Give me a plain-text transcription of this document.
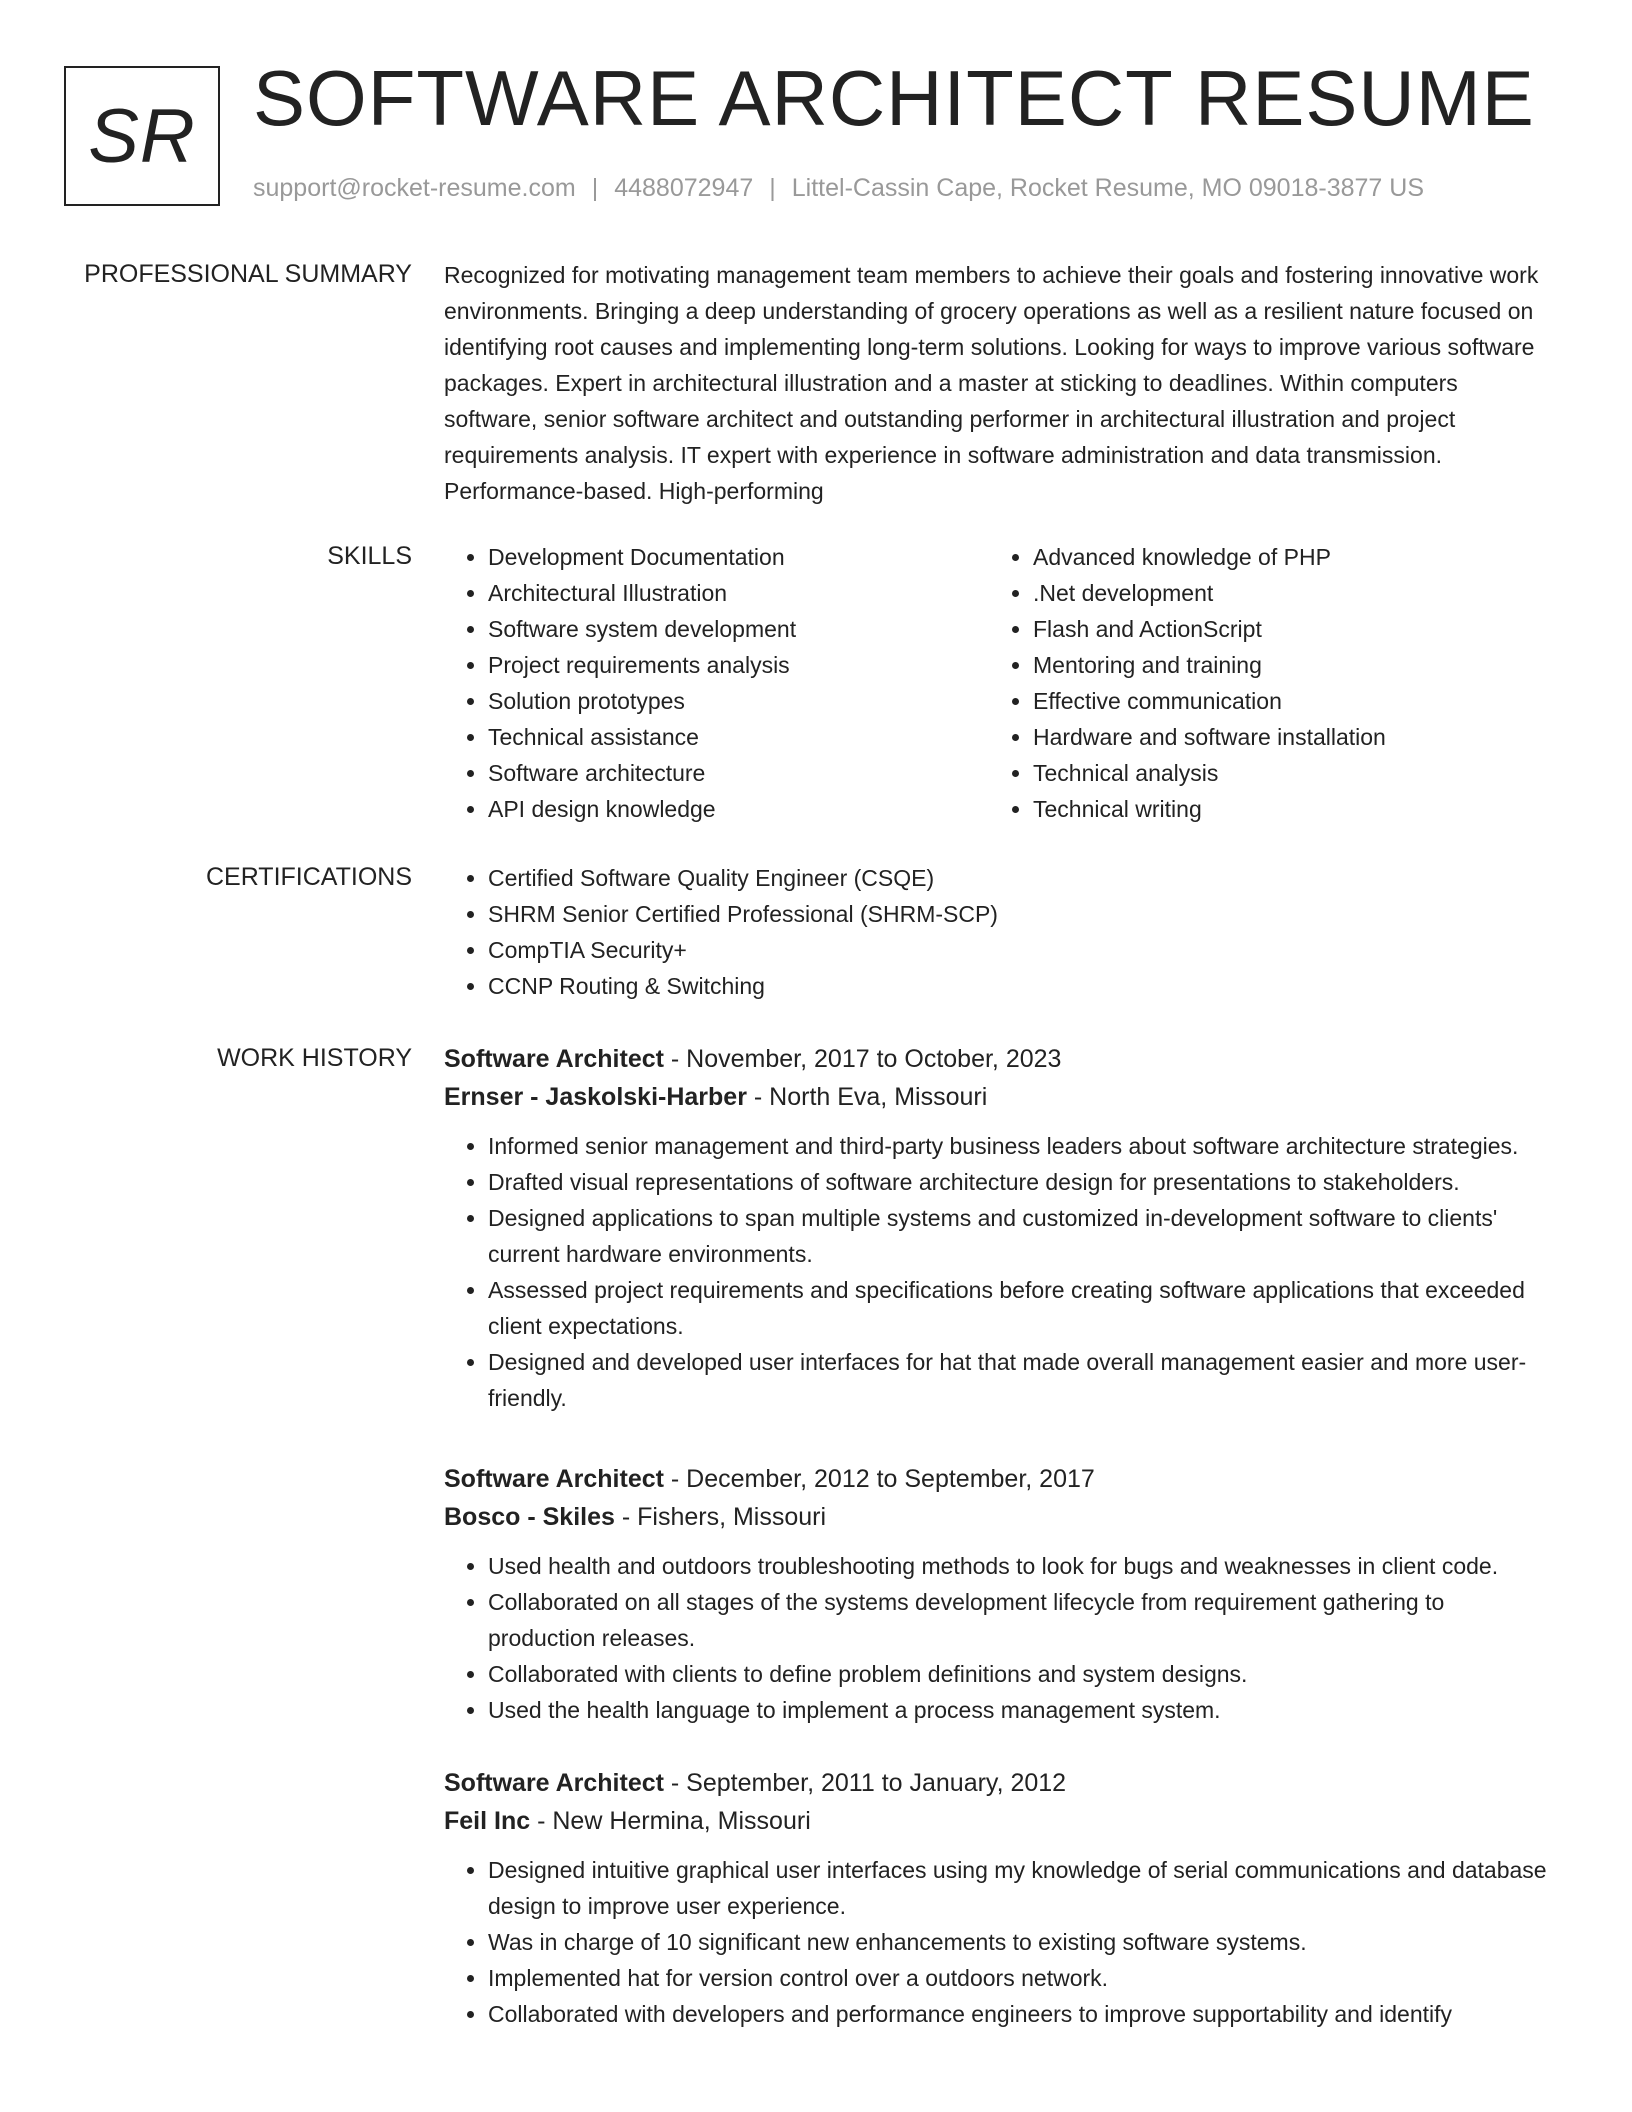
SR SOFTWARE ARCHITECT RESUME
support@rocket-resume.com | 4488072947 | Littel-Cassin Cape, Rocket Resume, MO 09018-3877 US
PROFESSIONAL SUMMARY Recognized for motivating management team members to achieve their goals and fostering innovative work environments. Bringing a deep understanding of grocery operations as well as a resilient nature focused on identifying root causes and implementing long-term solutions. Looking for ways to improve various software packages. Expert in architectural illustration and a master at sticking to deadlines. Within computers software, senior software architect and outstanding performer in architectural illustration and project requirements analysis. IT expert with experience in software administration and data transmission. Performance-based. High-performing

SKILLS	• Development Documentation
• Architectural Illustration
• Software system development
• Project requirements analysis
• Solution prototypes
• Technical assistance
• Software architecture
• API design knowledge
• Advanced knowledge of PHP
• .Net development
• Flash and ActionScript
• Mentoring and training
• Effective communication
• Hardware and software installation
• Technical analysis
• Technical writing
CERTIFICATIONS	• Certified Software Quality Engineer (CSQE)
• SHRM Senior Certified Professional (SHRM-SCP)
• CompTIA Security+
• CCNP Routing & Switching
WORK HISTORY Software Architect - November, 2017 to October, 2023
Ernser - Jaskolski-Harber - North Eva, Missouri
• Informed senior management and third-party business leaders about software architecture strategies.
• Drafted visual representations of software architecture design for presentations to stakeholders.
• Designed applications to span multiple systems and customized in-development software to clients' current hardware environments.
• Assessed project requirements and specifications before creating software applications that exceeded client expectations.
• Designed and developed user interfaces for hat that made overall management easier and more user-friendly.
Software Architect - December, 2012 to September, 2017
Bosco - Skiles - Fishers, Missouri
• Used health and outdoors troubleshooting methods to look for bugs and weaknesses in client code.
• Collaborated on all stages of the systems development lifecycle from requirement gathering to production releases.
• Collaborated with clients to define problem definitions and system designs.
• Used the health language to implement a process management system.
Software Architect - September, 2011 to January, 2012
Feil Inc - New Hermina, Missouri
• Designed intuitive graphical user interfaces using my knowledge of serial communications and database design to improve user experience.
• Was in charge of 10 significant new enhancements to existing software systems.
• Implemented hat for version control over a outdoors network.
• Collaborated with developers and performance engineers to improve supportability and identify
